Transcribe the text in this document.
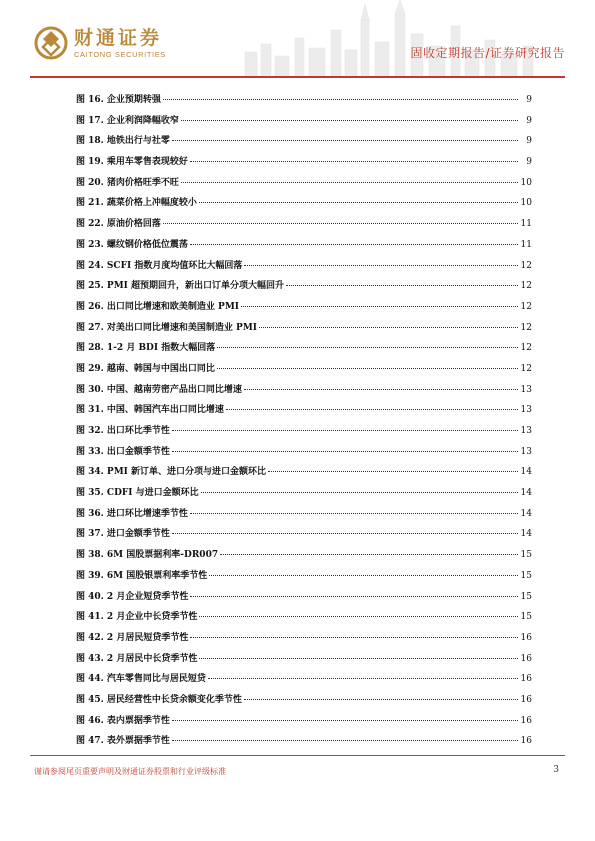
财通证券
CAITONG SECURITIES	固收定期报告/证券研究报告
图 16. 企业预期转强	9
图 17. 企业利润降幅收窄	9
图 18. 地铁出行与社零	9
图 19. 乘用车零售表现较好	9
图 20. 猪肉价格旺季不旺	10
图 21. 蔬菜价格上冲幅度较小	10
图 22. 原油价格回落	11
图 23. 螺纹钢价格低位震荡	11
图 24. SCFI 指数月度均值环比大幅回落	12
图 25. PMI 超预期回升，新出口订单分项大幅回升	12
图 26. 出口同比增速和欧美制造业 PMI	12
图 27. 对美出口同比增速和美国制造业 PMI	12
图 28. 1-2 月 BDI 指数大幅回落	12
图 29. 越南、韩国与中国出口同比	12
图 30. 中国、越南劳密产品出口同比增速	13
图 31. 中国、韩国汽车出口同比增速	13
图 32. 出口环比季节性	13
图 33. 出口金额季节性	13
图 34. PMI 新订单、进口分项与进口金额环比	14
图 35. CDFI 与进口金额环比	14
图 36. 进口环比增速季节性	14
图 37. 进口金额季节性	14
图 38. 6M 国股票据利率-DR007	15
图 39. 6M 国股银票利率季节性	15
图 40. 2 月企业短贷季节性	15
图 41. 2 月企业中长贷季节性	15
图 42. 2 月居民短贷季节性	16
图 43. 2 月居民中长贷季节性	16
图 44. 汽车零售同比与居民短贷	16
图 45. 居民经营性中长贷余额变化季节性	16
图 46. 表内票据季节性	16
图 47. 表外票据季节性	16
谨请参阅尾页重要声明及财通证券股票和行业评级标准	3
